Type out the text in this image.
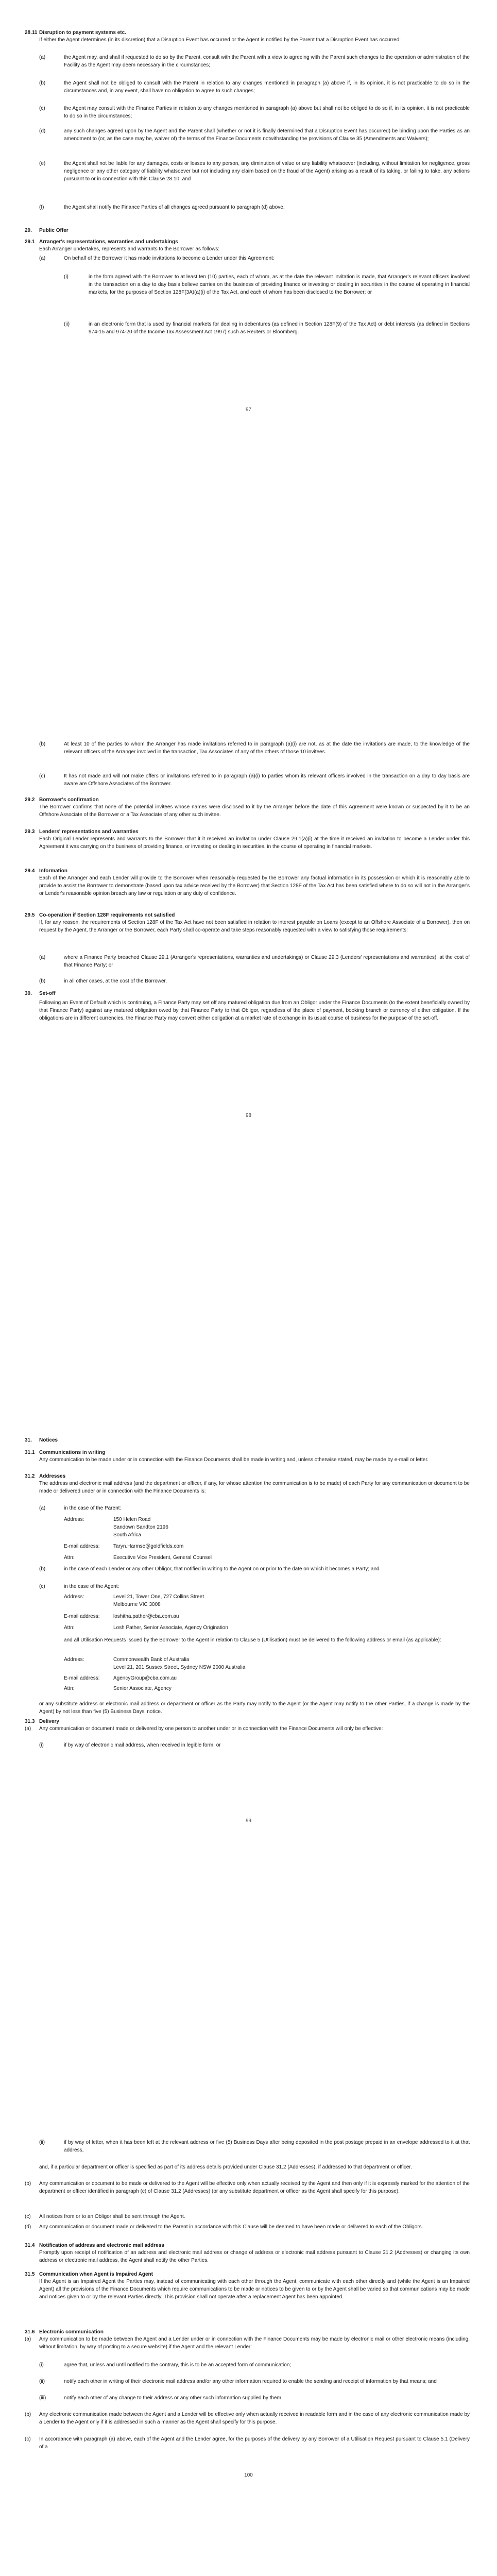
28.11 Disruption to payment systems etc.

If either the Agent determines (in its discretion) that a Disruption Event has occurred or the Agent is notified by the Parent that a Disruption Event has occurred:

(a)	the Agent may, and shall if requested to do so by the Parent, consult with the Parent with a view to agreeing with the Parent such changes to the operation or administration of the Facility as the Agent may deem necessary in the circumstances;

(b)	the Agent shall not be obliged to consult with the Parent in relation to any changes mentioned in paragraph (a) above if, in its opinion, it is not practicable to do so in the circumstances and, in any event, shall have no obligation to agree to such changes;

(c)	the Agent may consult with the Finance Parties in relation to any changes mentioned in paragraph (a) above but shall not be obliged to do so if, in its opinion, it is not practicable to do so in the circumstances;

(d)	any such changes agreed upon by the Agent and the Parent shall (whether or not it is finally determined that a Disruption Event has occurred) be binding upon the Parties as an amendment to (or, as the case may be, waiver of) the terms of the Finance Documents notwithstanding the provisions of Clause 35 (Amendments and Waivers);

(e)	the Agent shall not be liable for any damages, costs or losses to any person, any diminution of value or any liability whatsoever (including, without limitation for negligence, gross negligence or any other category of liability whatsoever but not including any claim based on the fraud of the Agent) arising as a result of its taking, or failing to take, any actions pursuant to or in connection with this Clause 28.10; and

(f)	the Agent shall notify the Finance Parties of all changes agreed pursuant to paragraph (d) above.

29. Public Offer
29.1 Arranger's representations, warranties and undertakings

Each Arranger undertakes, represents and warrants to the Borrower as follows:

(a)	On behalf of the Borrower it has made invitations to become a Lender under this Agreement:

(i)	in the form agreed with the Borrower to at least ten (10) parties, each of whom, as at the date the relevant invitation is made, that Arranger's relevant officers involved in the transaction on a day to day basis believe carries on the business of providing finance or investing or dealing in securities in the course of operating in financial markets, for the purposes of Section 128F(3A)(a)(i) of the Tax Act, and each of whom has been disclosed to the Borrower; or

(ii)	in an electronic form that is used by financial markets for dealing in debentures (as defined in Section 128F(9) of the Tax Act) or debt interests (as defined in Sections 974-15 and 974-20 of the Income Tax Assessment Act 1997) such as Reuters or Bloomberg.

97
(b)	At least 10 of the parties to whom the Arranger has made invitations referred to in paragraph (a)(i) are not, as at the date the invitations are made, to the knowledge of the relevant officers of the Arranger involved in the transaction, Tax Associates of any of the others of those 10 invitees.

(c)	It has not made and will not make offers or invitations referred to in paragraph (a)(i) to parties whom its relevant officers involved in the transaction on a day to day basis are aware are Offshore Associates of the Borrower.

29.2 Borrower's confirmation

The Borrower confirms that none of the potential invitees whose names were disclosed to it by the Arranger before the date of this Agreement were known or suspected by it to be an Offshore Associate of the Borrower or a Tax Associate of any other such invitee.

29.3 Lenders' representations and warranties

Each Original Lender represents and warrants to the Borrower that it it received an invitation under Clause 29.1(a)(i) at the time it received an invitation to become a Lender under this Agreement it was carrying on the business of providing finance, or investing or dealing in securities, in the course of operating in financial markets.

29.4 Information

Each of the Arranger and each Lender will provide to the Borrower when reasonably requested by the Borrower any factual information in its possession or which it is reasonably able to provide to assist the Borrower to demonstrate (based upon tax advice received by the Borrower) that Section 128F of the Tax Act has been satisfied where to do so will not in the Arranger's or Lender's reasonable opinion breach any law or regulation or any duty of confidence.

29.5 Co-operation if Section 128F requirements not satisfied

If, for any reason, the requirements of Section 128F of the Tax Act have not been satisfied in relation to interest payable on Loans (except to an Offshore Associate of a Borrower), then on request by the Agent, the Arranger or the Borrower, each Party shall co-operate and take steps reasonably requested with a view to satisfying those requirements:

(a)	where a Finance Party breached Clause 29.1 (Arranger's representations, warranties and undertakings) or Clause 29.3 (Lenders' representations and warranties), at the cost of that Finance Party; or

(b)	in all other cases, at the cost of the Borrower.

30. Set-off

Following an Event of Default which is continuing, a Finance Party may set off any matured obligation due from an Obligor under the Finance Documents (to the extent beneficially owned by that Finance Party) against any matured obligation owed by that Finance Party to that Obligor, regardless of the place of payment, booking branch or currency of either obligation. If the obligations are in different currencies, the Finance Party may convert either obligation at a market rate of exchange in its usual course of business for the purpose of the set-off.

98
31. Notices
31.1 Communications in writing

Any communication to be made under or in connection with the Finance Documents shall be made in writing and, unless otherwise stated, may be made by e-mail or letter.

31.2 Addresses

The address and electronic mail address (and the department or officer, if any, for whose attention the communication is to be made) of each Party for any communication or document to be made or delivered under or in connection with the Finance Documents is:

(a)	in the case of the Parent:

Address:	150 Helen Road
Sandown Sandton 2196
South Africa
E-mail address:	Taryn.Harmse@goldfields.com
Attn:	Executive Vice President, General Counsel
(b)	in the case of each Lender or any other Obligor, that notified in writing to the Agent on or prior to the date on which it becomes a Party; and

(c)	in the case of the Agent:

Address:	Level 21, Tower One, 727 Collins Street
Melbourne VIC 3008
E-mail address:	loshitha.pather@cba.com.au
Attn:	Losh Pather, Senior Associate, Agency Origination

and all Utilisation Requests issued by the Borrower to the Agent in relation to Clause 5 (Utilisation) must be delivered to the following address or email (as applicable):

Address:	Commonwealth Bank of Australia
Level 21, 201 Sussex Street, Sydney NSW 2000 Australia
E-mail address:	AgencyGroup@cba.com.au
Attn:	Senior Associate, Agency

or any substitute address or electronic mail address or department or officer as the Party may notify to the Agent (or the Agent may notify to the other Parties, if a change is made by the Agent) by not less than five (5) Business Days' notice.

31.3 Delivery
(a) Any communication or document made or delivered by one person to another under or in connection with the Finance Documents will only be effective:

(i)	if by way of electronic mail address, when received in legible form; or

99
(ii)	if by way of letter, when it has been left at the relevant address or five (5) Business Days after being deposited in the post postage prepaid in an envelope addressed to it at that address,

and, if a particular department or officer is specified as part of its address details provided under Clause 31.2 (Addresses), if addressed to that department or officer.

(b) Any communication or document to be made or delivered to the Agent will be effective only when actually received by the Agent and then only if it is expressly marked for the attention of the department or officer identified in paragraph (c) of Clause 31.2 (Addresses) (or any substitute department or officer as the Agent shall specify for this purpose).

(c) All notices from or to an Obligor shall be sent through the Agent.

(d) Any communication or document made or delivered to the Parent in accordance with this Clause will be deemed to have been made or delivered to each of the Obligors.

31.4 Notification of address and electronic mail address

Promptly upon receipt of notification of an address and electronic mail address or change of address or electronic mail address pursuant to Clause 31.2 (Addresses) or changing its own address or electronic mail address, the Agent shall notify the other Parties.

31.5 Communication when Agent is Impaired Agent

If the Agent is an Impaired Agent the Parties may, instead of communicating with each other through the Agent, communicate with each other directly and (while the Agent is an Impaired Agent) all the provisions of the Finance Documents which require communications to be made or notices to be given to or by the Agent shall be varied so that communications may be made and notices given to or by the relevant Parties directly. This provision shall not operate after a replacement Agent has been appointed.

31.6 Electronic communication
(a) Any communication to be made between the Agent and a Lender under or in connection with the Finance Documents may be made by electronic mail or other electronic means (including, without limitation, by way of posting to a secure website) if the Agent and the relevant Lender:

(i)	agree that, unless and until notified to the contrary, this is to be an accepted form of communication;

(ii)	notify each other in writing of their electronic mail address and/or any other information required to enable the sending and receipt of information by that means; and

(iii)	notify each other of any change to their address or any other such information supplied by them.

(b) Any electronic communication made between the Agent and a Lender will be effective only when actually received in readable form and in the case of any electronic communication made by a Lender to the Agent only if it is addressed in such a manner as the Agent shall specify for this purpose.

(c) In accordance with paragraph (a) above, each of the Agent and the Lender agree, for the purposes of the delivery by any Borrower of a Utilisation Request pursuant to Clause 5.1 (Delivery of a

100
